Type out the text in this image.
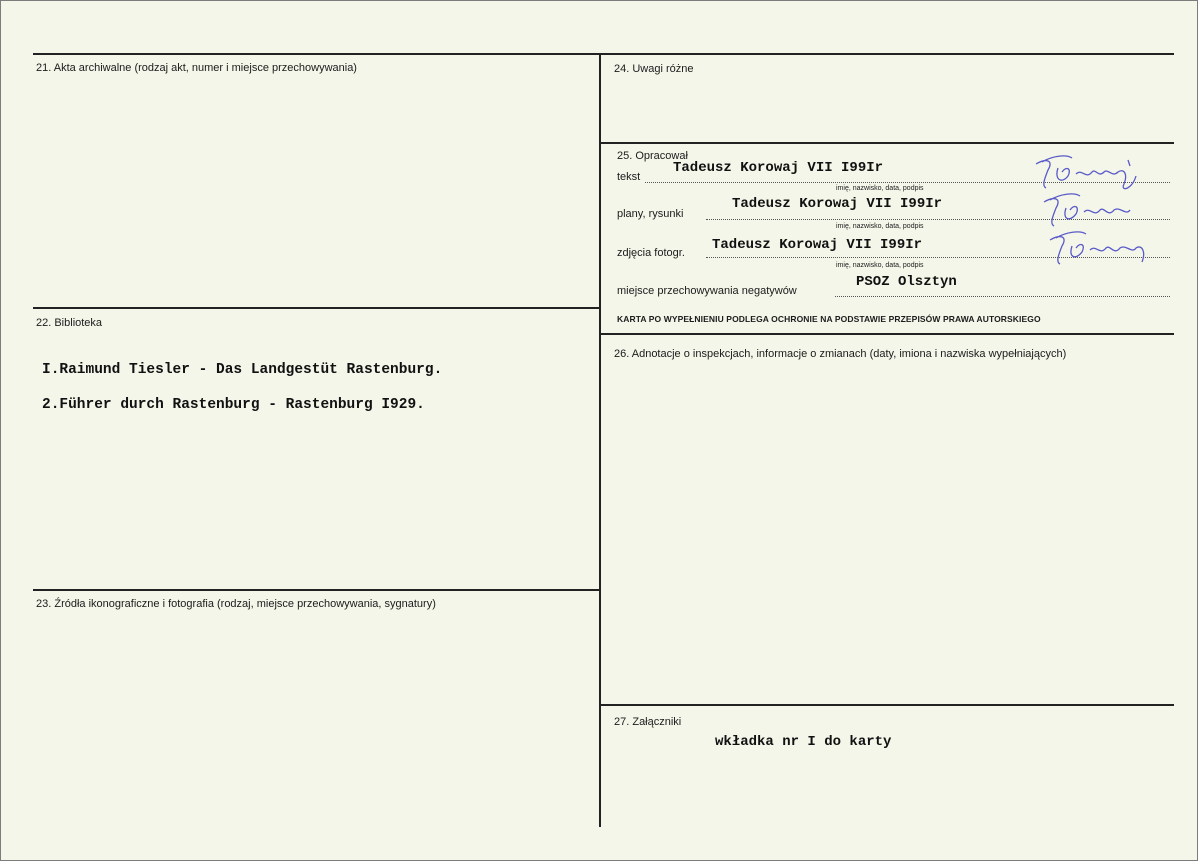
21. Akta archiwalne (rodzaj akt, numer i miejsce przechowywania)
22. Biblioteka
I.Raimund Tiesler - Das Landgestüt Rastenburg.
2.Führer durch Rastenburg - Rastenburg I929.
23. Źródła ikonograficzne i fotografia (rodzaj, miejsce przechowywania, sygnatury)
24. Uwagi różne
25. Opracował
tekst
Tadeusz Korowaj VII I99Ir
imię, nazwisko, data, podpis
plany, rysunki
Tadeusz Korowaj VII I99Ir
imię, nazwisko, data, podpis
zdjęcia fotogr. Tadeusz Korowaj VII I99Ir
imię, nazwisko, data, podpis
miejsce przechowywania negatywów
PSOZ Olsztyn
KARTA PO WYPEŁNIENIU PODLEGA OCHRONIE NA PODSTAWIE PRZEPISÓW PRAWA AUTORSKIEGO
26. Adnotacje o inspekcjach, informacje o zmianach (daty, imiona i nazwiska wypełniających)
27. Załączniki
wkładka nr I do karty
